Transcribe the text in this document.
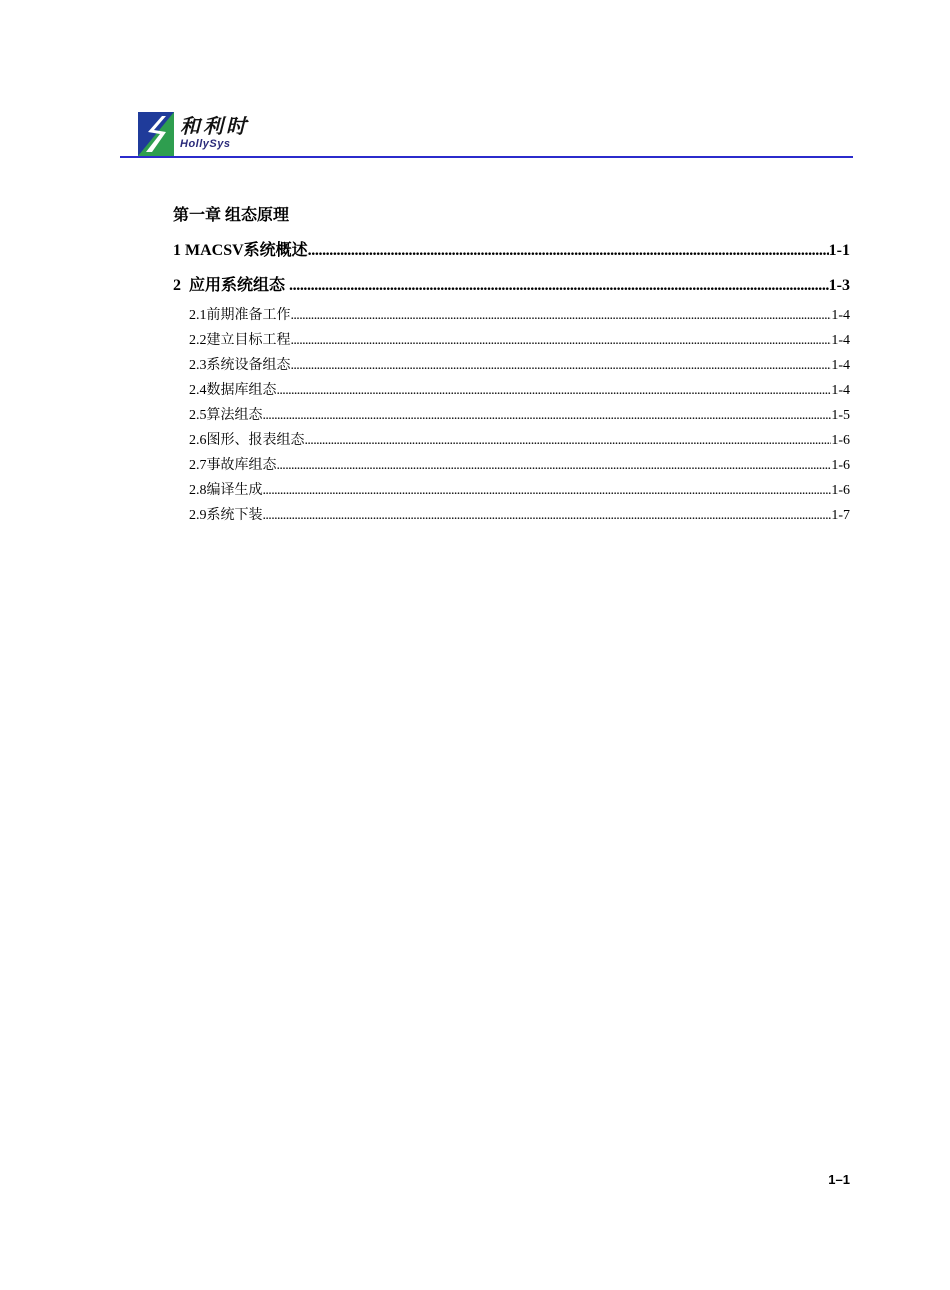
和利时
HollySys
第一章 组态原理
1 MACSV系统概述 .....	1-1
2  应用系统组态 .....	1-3
2.1前期准备工作 .....	1-4
2.2建立目标工程 .....	1-4
2.3系统设备组态 .....	1-4
2.4数据库组态 .....	1-4
2.5算法组态 .....	1-5
2.6图形、报表组态 .....	1-6
2.7事故库组态 .....	1-6
2.8编译生成 .....	1-6
2.9系统下装 .....	1-7
1–1
